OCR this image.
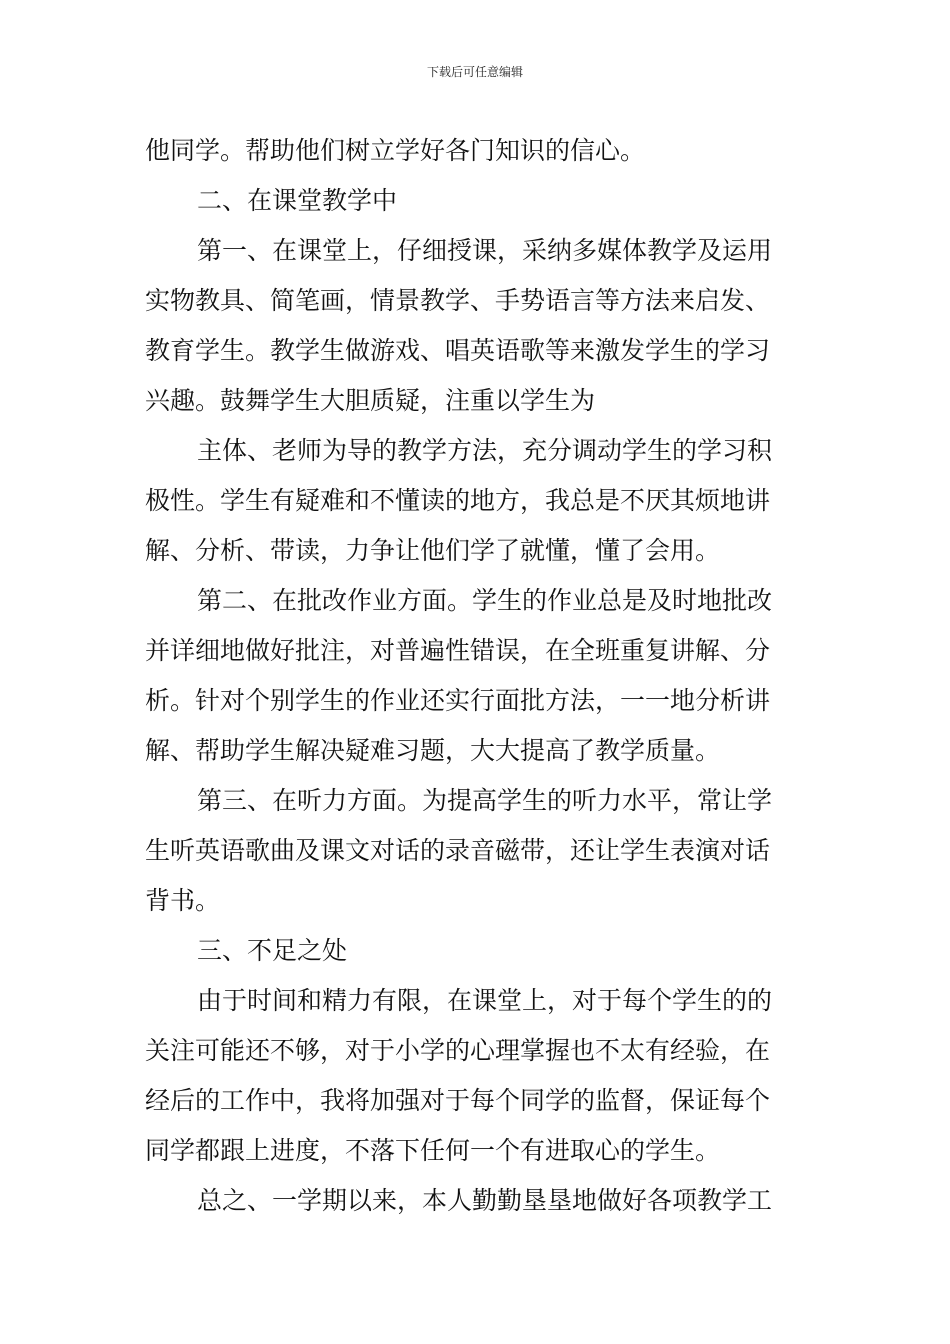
下载后可任意编辑
他同学。帮助他们树立学好各门知识的信心。
二、在课堂教学中
第一、在课堂上，仔细授课，采纳多媒体教学及运用
实物教具、简笔画，情景教学、手势语言等方法来启发、
教育学生。教学生做游戏、唱英语歌等来激发学生的学习
兴趣。鼓舞学生大胆质疑，注重以学生为
主体、老师为导的教学方法，充分调动学生的学习积
极性。学生有疑难和不懂读的地方，我总是不厌其烦地讲
解、分析、带读，力争让他们学了就懂，懂了会用。
第二、在批改作业方面。学生的作业总是及时地批改
并详细地做好批注，对普遍性错误，在全班重复讲解、分
析。针对个别学生的作业还实行面批方法，一一地分析讲
解、帮助学生解决疑难习题，大大提高了教学质量。
第三、在听力方面。为提高学生的听力水平，常让学
生听英语歌曲及课文对话的录音磁带，还让学生表演对话
背书。
三、不足之处
由于时间和精力有限，在课堂上，对于每个学生的的
关注可能还不够，对于小学的心理掌握也不太有经验，在
经后的工作中，我将加强对于每个同学的监督，保证每个
同学都跟上进度，不落下任何一个有进取心的学生。
总之、一学期以来，本人勤勤垦垦地做好各项教学工
